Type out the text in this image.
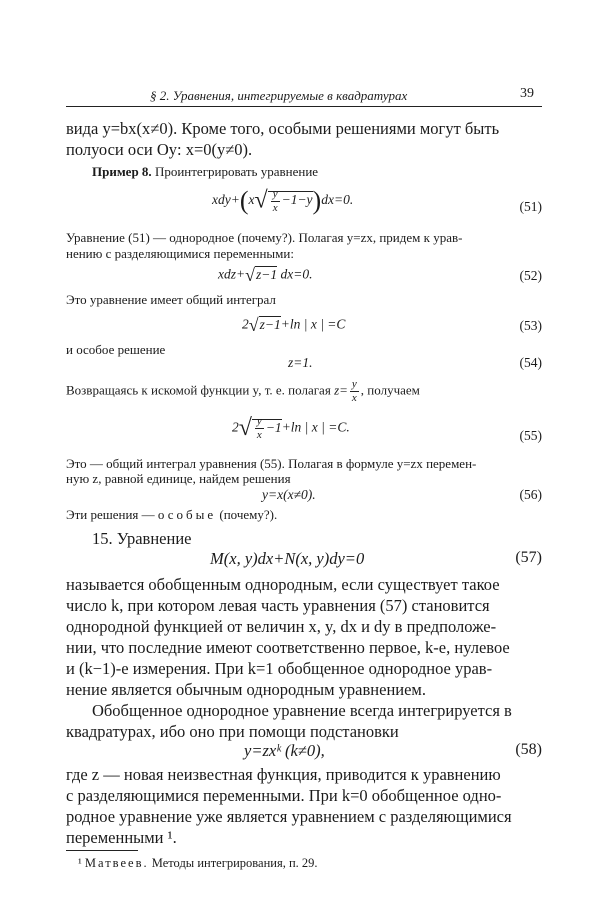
§ 2. Уравнения, интегрируемые в квадратурах	39
вида y=bx(x≠0). Кроме того, особыми решениями могут быть
полуоси оси Oy: x=0(y≠0).
Пример 8. Проинтегрировать уравнение
$xdy+(x√ \frac{y}{x} -1-y)dx=0$.	(51)
Уравнение (51) — однородное (почему?). Полагая y=zx, придем к урав-
нению с разделяющимися переменными:
xdz+√z−1 dx=0.	(52)
Это уравнение имеет общий интеграл
2√z−1+ln | x | =C	(53)
и особое решение
z=1.	(54)
Возвращаясь к искомой функции y, т. е. полагая $z= \frac{y}{x}$ , получаем
$2√ \frac{y}{x} -1+\ln$ | x | =C.
(55)
Это — общий интеграл уравнения (55). Полагая в формуле y=zx перемен-
ную z, равной единице, найдем решения
y=x(x≠0).	(56)
Эти решения — особые (почему?).
15. Уравнение
M(x, y)dx+N(x, y)dy=0	(57)
называется обобщенным однородным, если существует такое
число k, при котором левая часть уравнения (57) становится
однородной функцией от величин x, y, dx и dy в предположе-
нии, что последние имеют соответственно первое, k-е, нулевое
и (k−1)-е измерения. При k=1 обобщенное однородное урав-
нение является обычным однородным уравнением.
Обобщенное однородное уравнение всегда интегрируется в
квадратурах, ибо оно при помощи подстановки
y=zxᵏ (k≠0),	(58)
где z — новая неизвестная функция, приводится к уравнению
с разделяющимися переменными. При k=0 обобщенное одно-
родное уравнение уже является уравнением с разделяющимися
переменными ¹.
¹ Матвеев. Методы интегрирования, п. 29.
